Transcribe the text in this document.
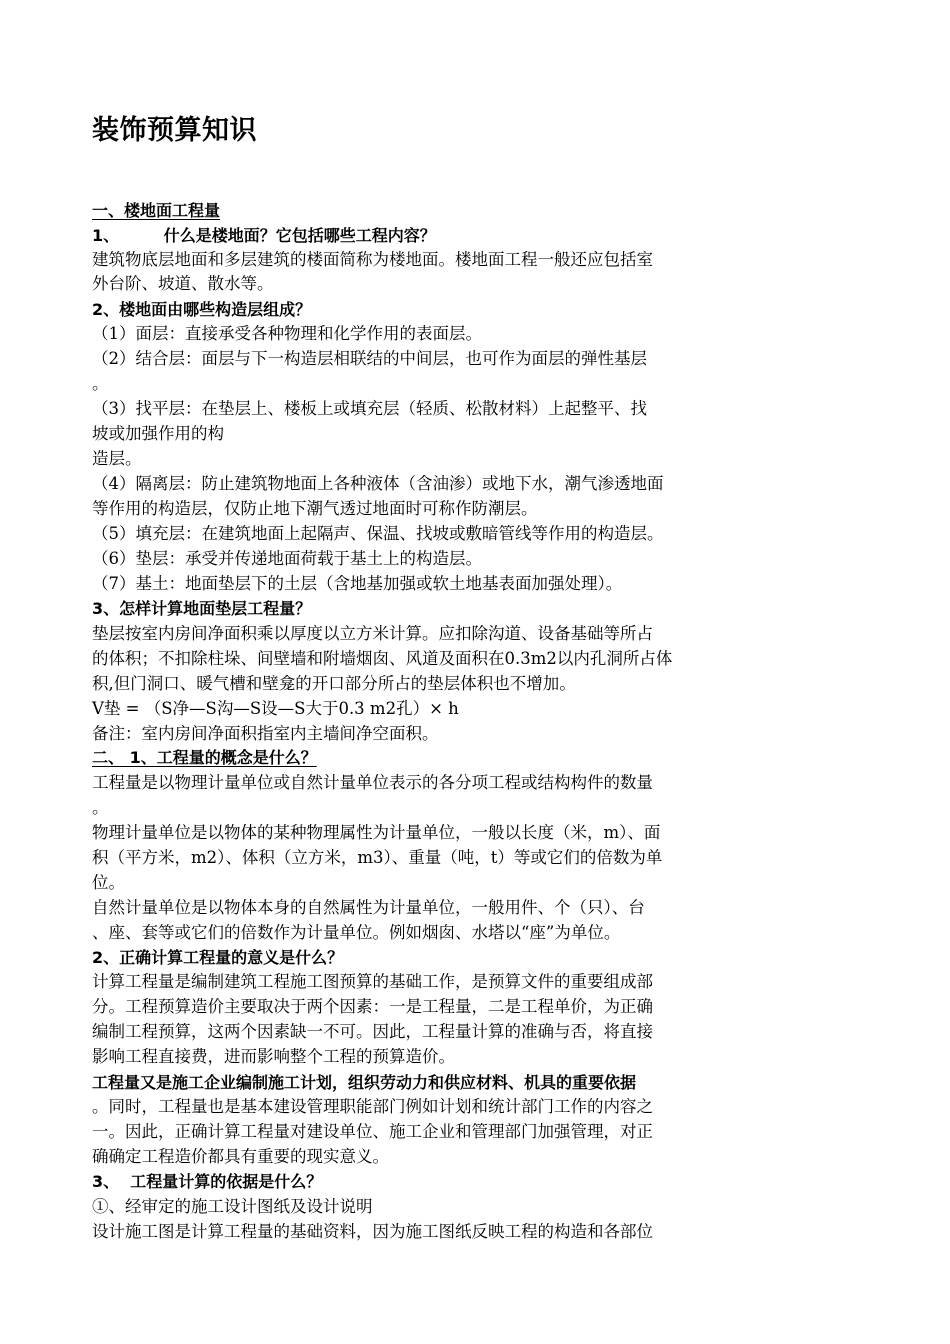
装饰预算知识
一、楼地面工程量
1、        什么是楼地面？它包括哪些工程内容？
建筑物底层地面和多层建筑的楼面简称为楼地面。楼地面工程一般还应包括室
外台阶、坡道、散水等。
2、楼地面由哪些构造层组成？
（1）面层：直接承受各种物理和化学作用的表面层。
（2）结合层：面层与下一构造层相联结的中间层，也可作为面层的弹性基层
。
（3）找平层：在垫层上、楼板上或填充层（轻质、松散材料）上起整平、找
坡或加强作用的构
造层。
（4）隔离层：防止建筑物地面上各种液体（含油渗）或地下水，潮气渗透地面
等作用的构造层，仅防止地下潮气透过地面时可称作防潮层。
（5）填充层：在建筑地面上起隔声、保温、找坡或敷暗管线等作用的构造层。
（6）垫层：承受并传递地面荷载于基土上的构造层。
（7）基土：地面垫层下的土层（含地基加强或软土地基表面加强处理）。
3、怎样计算地面垫层工程量？
垫层按室内房间净面积乘以厚度以立方米计算。应扣除沟道、设备基础等所占
的体积；不扣除柱垛、间壁墙和附墙烟囱、风道及面积在0.3m2以内孔洞所占体
积,但门洞口、暖气槽和壁龛的开口部分所占的垫层体积也不增加。
V垫 = （S净—S沟—S设—S大于0.3 m2孔）× h
备注：室内房间净面积指室内主墙间净空面积。
二、 1、工程量的概念是什么？
工程量是以物理计量单位或自然计量单位表示的各分项工程或结构构件的数量
。
物理计量单位是以物体的某种物理属性为计量单位，一般以长度（米，m）、面
积（平方米，m2）、体积（立方米，m3）、重量（吨，t）等或它们的倍数为单
位。
自然计量单位是以物体本身的自然属性为计量单位，一般用件、个（只）、台
、座、套等或它们的倍数作为计量单位。例如烟囱、水塔以“座”为单位。
2、正确计算工程量的意义是什么？
计算工程量是编制建筑工程施工图预算的基础工作，是预算文件的重要组成部
分。工程预算造价主要取决于两个因素：一是工程量，二是工程单价，为正确
编制工程预算，这两个因素缺一不可。因此，工程量计算的准确与否，将直接
影响工程直接费，进而影响整个工程的预算造价。
工程量又是施工企业编制施工计划，组织劳动力和供应材料、机具的重要依据
。同时，工程量也是基本建设管理职能部门例如计划和统计部门工作的内容之
一。因此，正确计算工程量对建设单位、施工企业和管理部门加强管理，对正
确确定工程造价都具有重要的现实意义。
3、  工程量计算的依据是什么？
①、经审定的施工设计图纸及设计说明
设计施工图是计算工程量的基础资料，因为施工图纸反映工程的构造和各部位
